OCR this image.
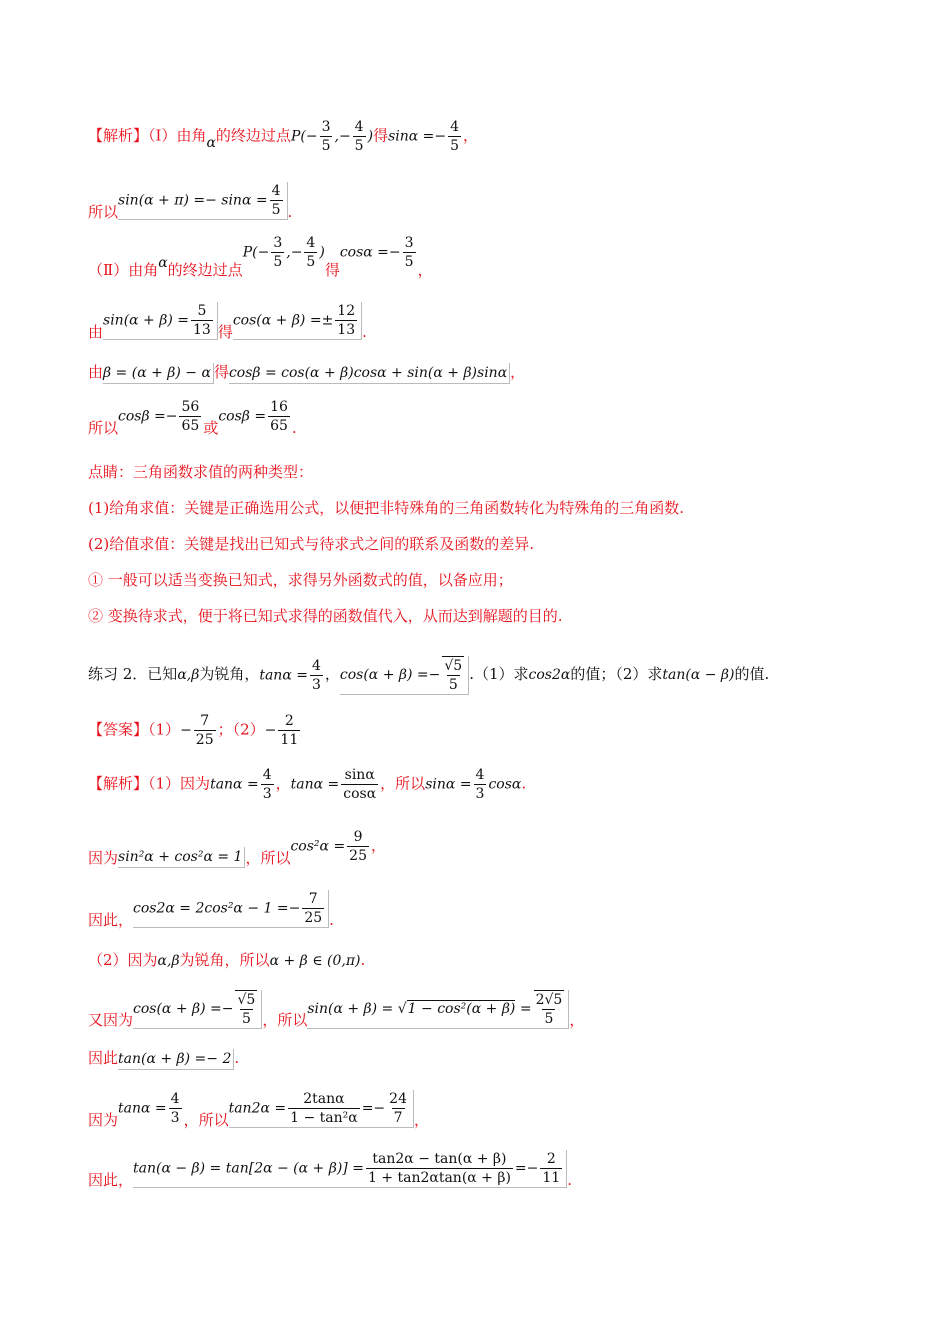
【解析】（Ⅰ）由角α的终边过点$P(- \frac{3}{5}$ ,− $\frac{4}{5}$ )得$\sin\alpha =- \frac{4}{5}$ ，
所以$\sin(\alpha + \pi) =- \sin\alpha = \frac{4}{5}$ .
（Ⅱ）由角α的终边过点$P(- \frac{3}{5}$ ,− $\frac{4}{5}$ )得$\cos\alpha =- \frac{3}{5}$ ，
由$\sin(\alpha + \beta) = \frac{5}{13}$ 得$\cos(\alpha + \beta) =\pm \frac{12}{13}$ .
由β = (α + β) − α 得cosβ = cos(α + β)cosα + sin(α + β)sinα ，
所以$\cos\beta =- \frac{56}{65}$ 或$\cos\beta = \frac{16}{65}$ .
点睛：三角函数求值的两种类型：
(1)给角求值：关键是正确选用公式，以便把非特殊角的三角函数转化为特殊角的三角函数.
(2)给值求值：关键是找出已知式与待求式之间的联系及函数的差异.
① 一般可以适当变换已知式，求得另外函数式的值，以备应用；
② 变换待求式，便于将已知式求得的函数值代入，从而达到解题的目的.
练习 2．已知α,β为锐角，$\tan\alpha = \frac{4}{3}$ ，$\cos(\alpha + \beta) =- \frac{√5}{5} .(1)$求cos2α的值；（2）求tan(α − β)的值.
【答案】$(1)- \frac{7}{25}$ ；$(2)- \frac{2}{11}$
【解析】（1）因为$\tan\alpha = \frac{4}{3}$ ，$\tan\alpha = \frac{\sin\alpha}{\cos\alpha}$ ，所以$\sin\alpha = \frac{4}{3} \cos\alpha$.
因为sin²α + cos²α = 1 ，所以$\cos^2\alpha = \frac{9}{25}$ ，
因此，$\cos 2\alpha = 2\cos^2\alpha - 1 =- \frac{7}{25}$ .
（2）因为α,β为锐角，所以α + β ∈ (0,π).
又因为$\cos(\alpha + \beta) =- \frac{√5}{5}$ ，所以$\sin(\alpha + \beta) = √1 - \cos^2(\alpha + \beta) = \frac{2√5}{5}$ ，
因此tan(α + β) =− 2 .
因为$\tan\alpha = \frac{4}{3}$ ，所以$\tan 2\alpha = \frac{2\tan\alpha}{\text{1 − tan²α}} =- \frac{24}{7}$ ，
因此，$\tan(\alpha - \beta) = \tan[2\alpha - (\alpha + \beta)] = \frac{\tan 2\alpha - \tan(\alpha + \beta)}{1 + \tan 2\alpha\tan(\alpha + \beta)} =- \frac{2}{11}$ .
